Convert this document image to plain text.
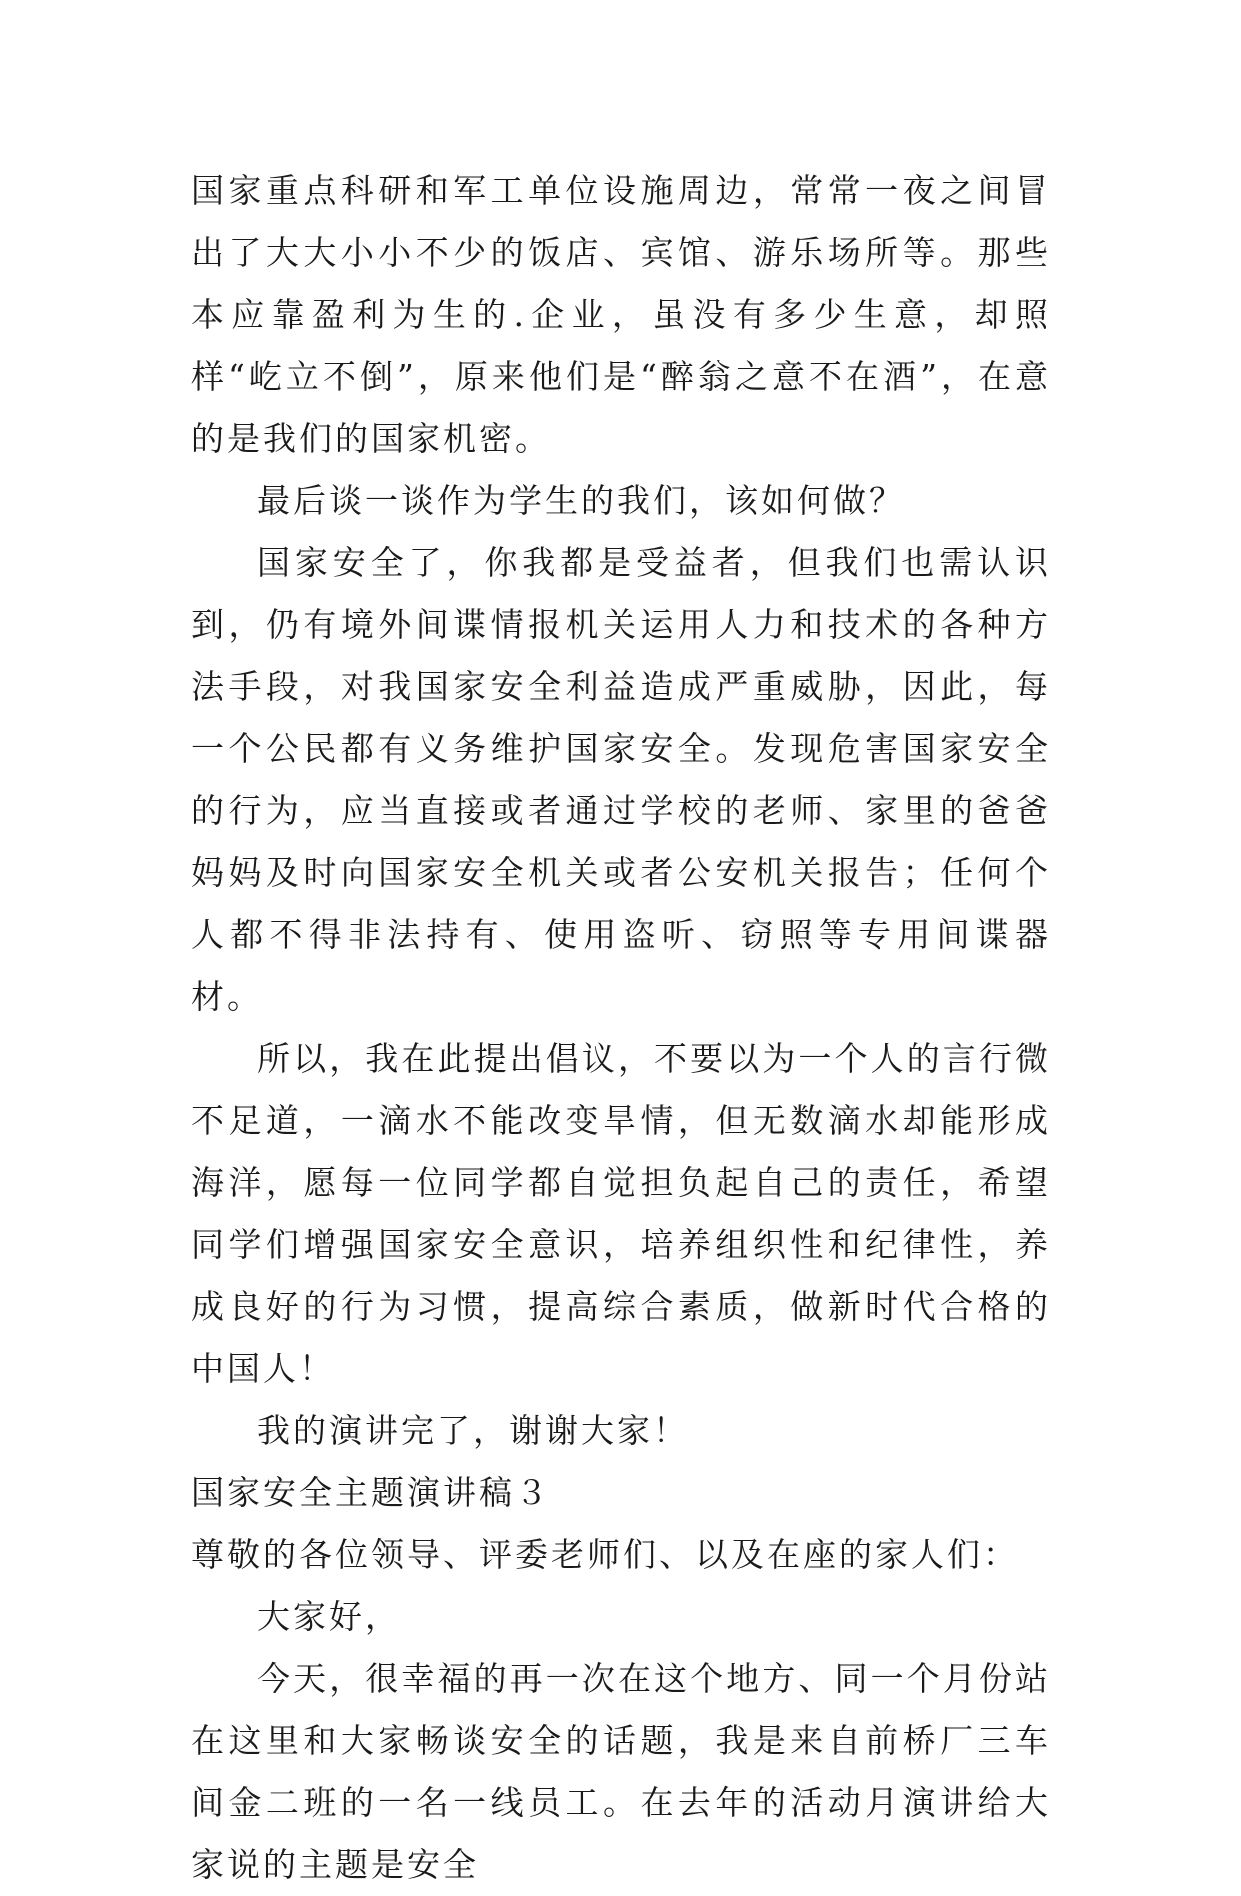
国家重点科研和军工单位设施周边，常常一夜之间冒出了大大小小不少的饭店、宾馆、游乐场所等。那些本应靠盈利为生的.企业，虽没有多少生意，却照样“屹立不倒”，原来他们是“醉翁之意不在酒”，在意的是我们的国家机密。

最后谈一谈作为学生的我们，该如何做？

国家安全了，你我都是受益者，但我们也需认识到，仍有境外间谍情报机关运用人力和技术的各种方法手段，对我国家安全利益造成严重威胁，因此，每一个公民都有义务维护国家安全。发现危害国家安全的行为，应当直接或者通过学校的老师、家里的爸爸妈妈及时向国家安全机关或者公安机关报告；任何个人都不得非法持有、使用盗听、窃照等专用间谍器材。

所以，我在此提出倡议，不要以为一个人的言行微不足道，一滴水不能改变旱情，但无数滴水却能形成海洋，愿每一位同学都自觉担负起自己的责任，希望同学们增强国家安全意识，培养组织性和纪律性，养成良好的行为习惯，提高综合素质，做新时代合格的中国人！

我的演讲完了，谢谢大家！

国家安全主题演讲稿３

尊敬的各位领导、评委老师们、以及在座的家人们：

大家好，

今天，很幸福的再一次在这个地方、同一个月份站在这里和大家畅谈安全的话题，我是来自前桥厂三车间金二班的一名一线员工。在去年的活动月演讲给大家说的主题是安全
